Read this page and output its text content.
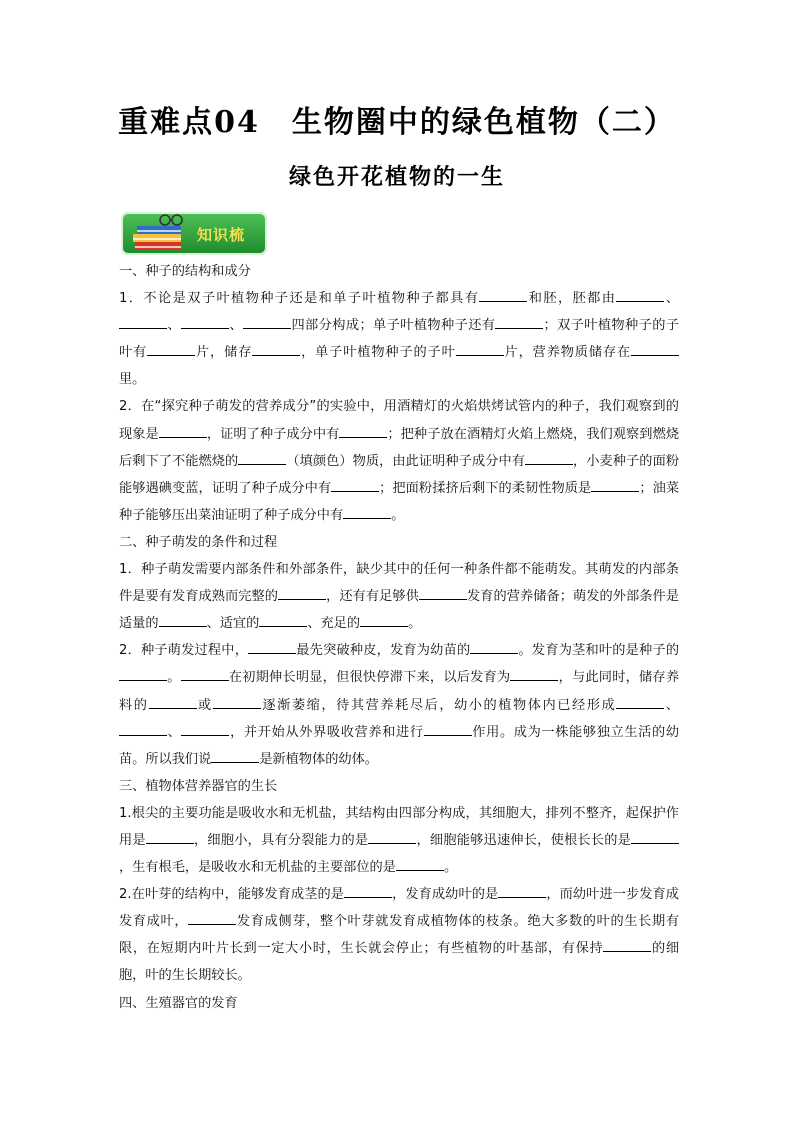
重难点04　生物圈中的绿色植物（二）
绿色开花植物的一生
知识梳

一、种子的结构和成分

1．不论是双子叶植物种子还是和单子叶植物种子都具有	和胚，胚都由	、、	、	四部分构成；单子叶植物种子还有	；双子叶植物种子的子叶有	片，储存	，单子叶植物种子的子叶	片，营养物质储存在里。

2．在“探究种子萌发的营养成分”的实验中，用酒精灯的火焰烘烤试管内的种子，我们观察到的现象是	，证明了种子成分中有	；把种子放在酒精灯火焰上燃烧，我们观察到燃烧后剩下了不能燃烧的	（填颜色）物质，由此证明种子成分中有	，小麦种子的面粉能够遇碘变蓝，证明了种子成分中有	；把面粉揉挤后剩下的柔韧性物质是	；油菜种子能够压出菜油证明了种子成分中有	。

二、种子萌发的条件和过程

1．种子萌发需要内部条件和外部条件，缺少其中的任何一种条件都不能萌发。其萌发的内部条件是要有发育成熟而完整的	，还有有足够供	发育的营养储备；萌发的外部条件是适量的	、适宜的	、充足的	。

2．种子萌发过程中，	最先突破种皮，发育为幼苗的	。发育为茎和叶的是种子的。	在初期伸长明显，但很快停滞下来，以后发育为	，与此同时，储存养料的	或	逐渐萎缩，待其营养耗尽后，幼小的植物体内已经形成	、、	，并开始从外界吸收营养和进行	作用。成为一株能够独立生活的幼苗。所以我们说	是新植物体的幼体。

三、植物体营养器官的生长

1.根尖的主要功能是吸收水和无机盐，其结构由四部分构成，其细胞大，排列不整齐，起保护作用是	，细胞小，具有分裂能力的是	，细胞能够迅速伸长，使根长长的是，生有根毛，是吸收水和无机盐的主要部位的是	。

2.在叶芽的结构中，能够发育成茎的是	，发育成幼叶的是	，而幼叶进一步发育成发育成叶，	发育成侧芽，整个叶芽就发育成植物体的枝条。绝大多数的叶的生长期有限，在短期内叶片长到一定大小时，生长就会停止；有些植物的叶基部，有保持	的细胞，叶的生长期较长。

四、生殖器官的发育
